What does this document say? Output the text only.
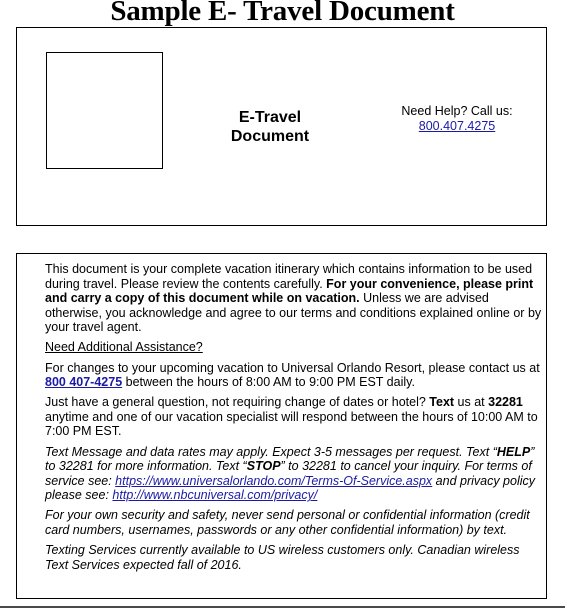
Sample E- Travel Document
E-Travel
Document
Need Help? Call us:
800.407.4275

This document is your complete vacation itinerary which contains information to be used during travel. Please review the contents carefully. For your convenience, please print and carry a copy of this document while on vacation. Unless we are advised otherwise, you acknowledge and agree to our terms and conditions explained online or by your travel agent.

Need Additional Assistance?

For changes to your upcoming vacation to Universal Orlando Resort, please contact us at 800 407-4275 between the hours of 8:00 AM to 9:00 PM EST daily.

Just have a general question, not requiring change of dates or hotel? Text us at 32281 anytime and one of our vacation specialist will respond between the hours of 10:00 AM to 7:00 PM EST.

Text Message and data rates may apply. Expect 3-5 messages per request. Text “HELP” to 32281 for more information. Text “STOP” to 32281 to cancel your inquiry. For terms of service see: https://www.universalorlando.com/Terms-Of-Service.aspx and privacy policy please see: http://www.nbcuniversal.com/privacy/

For your own security and safety, never send personal or confidential information (credit card numbers, usernames, passwords or any other confidential information) by text.

Texting Services currently available to US wireless customers only. Canadian wireless Text Services expected fall of 2016.
